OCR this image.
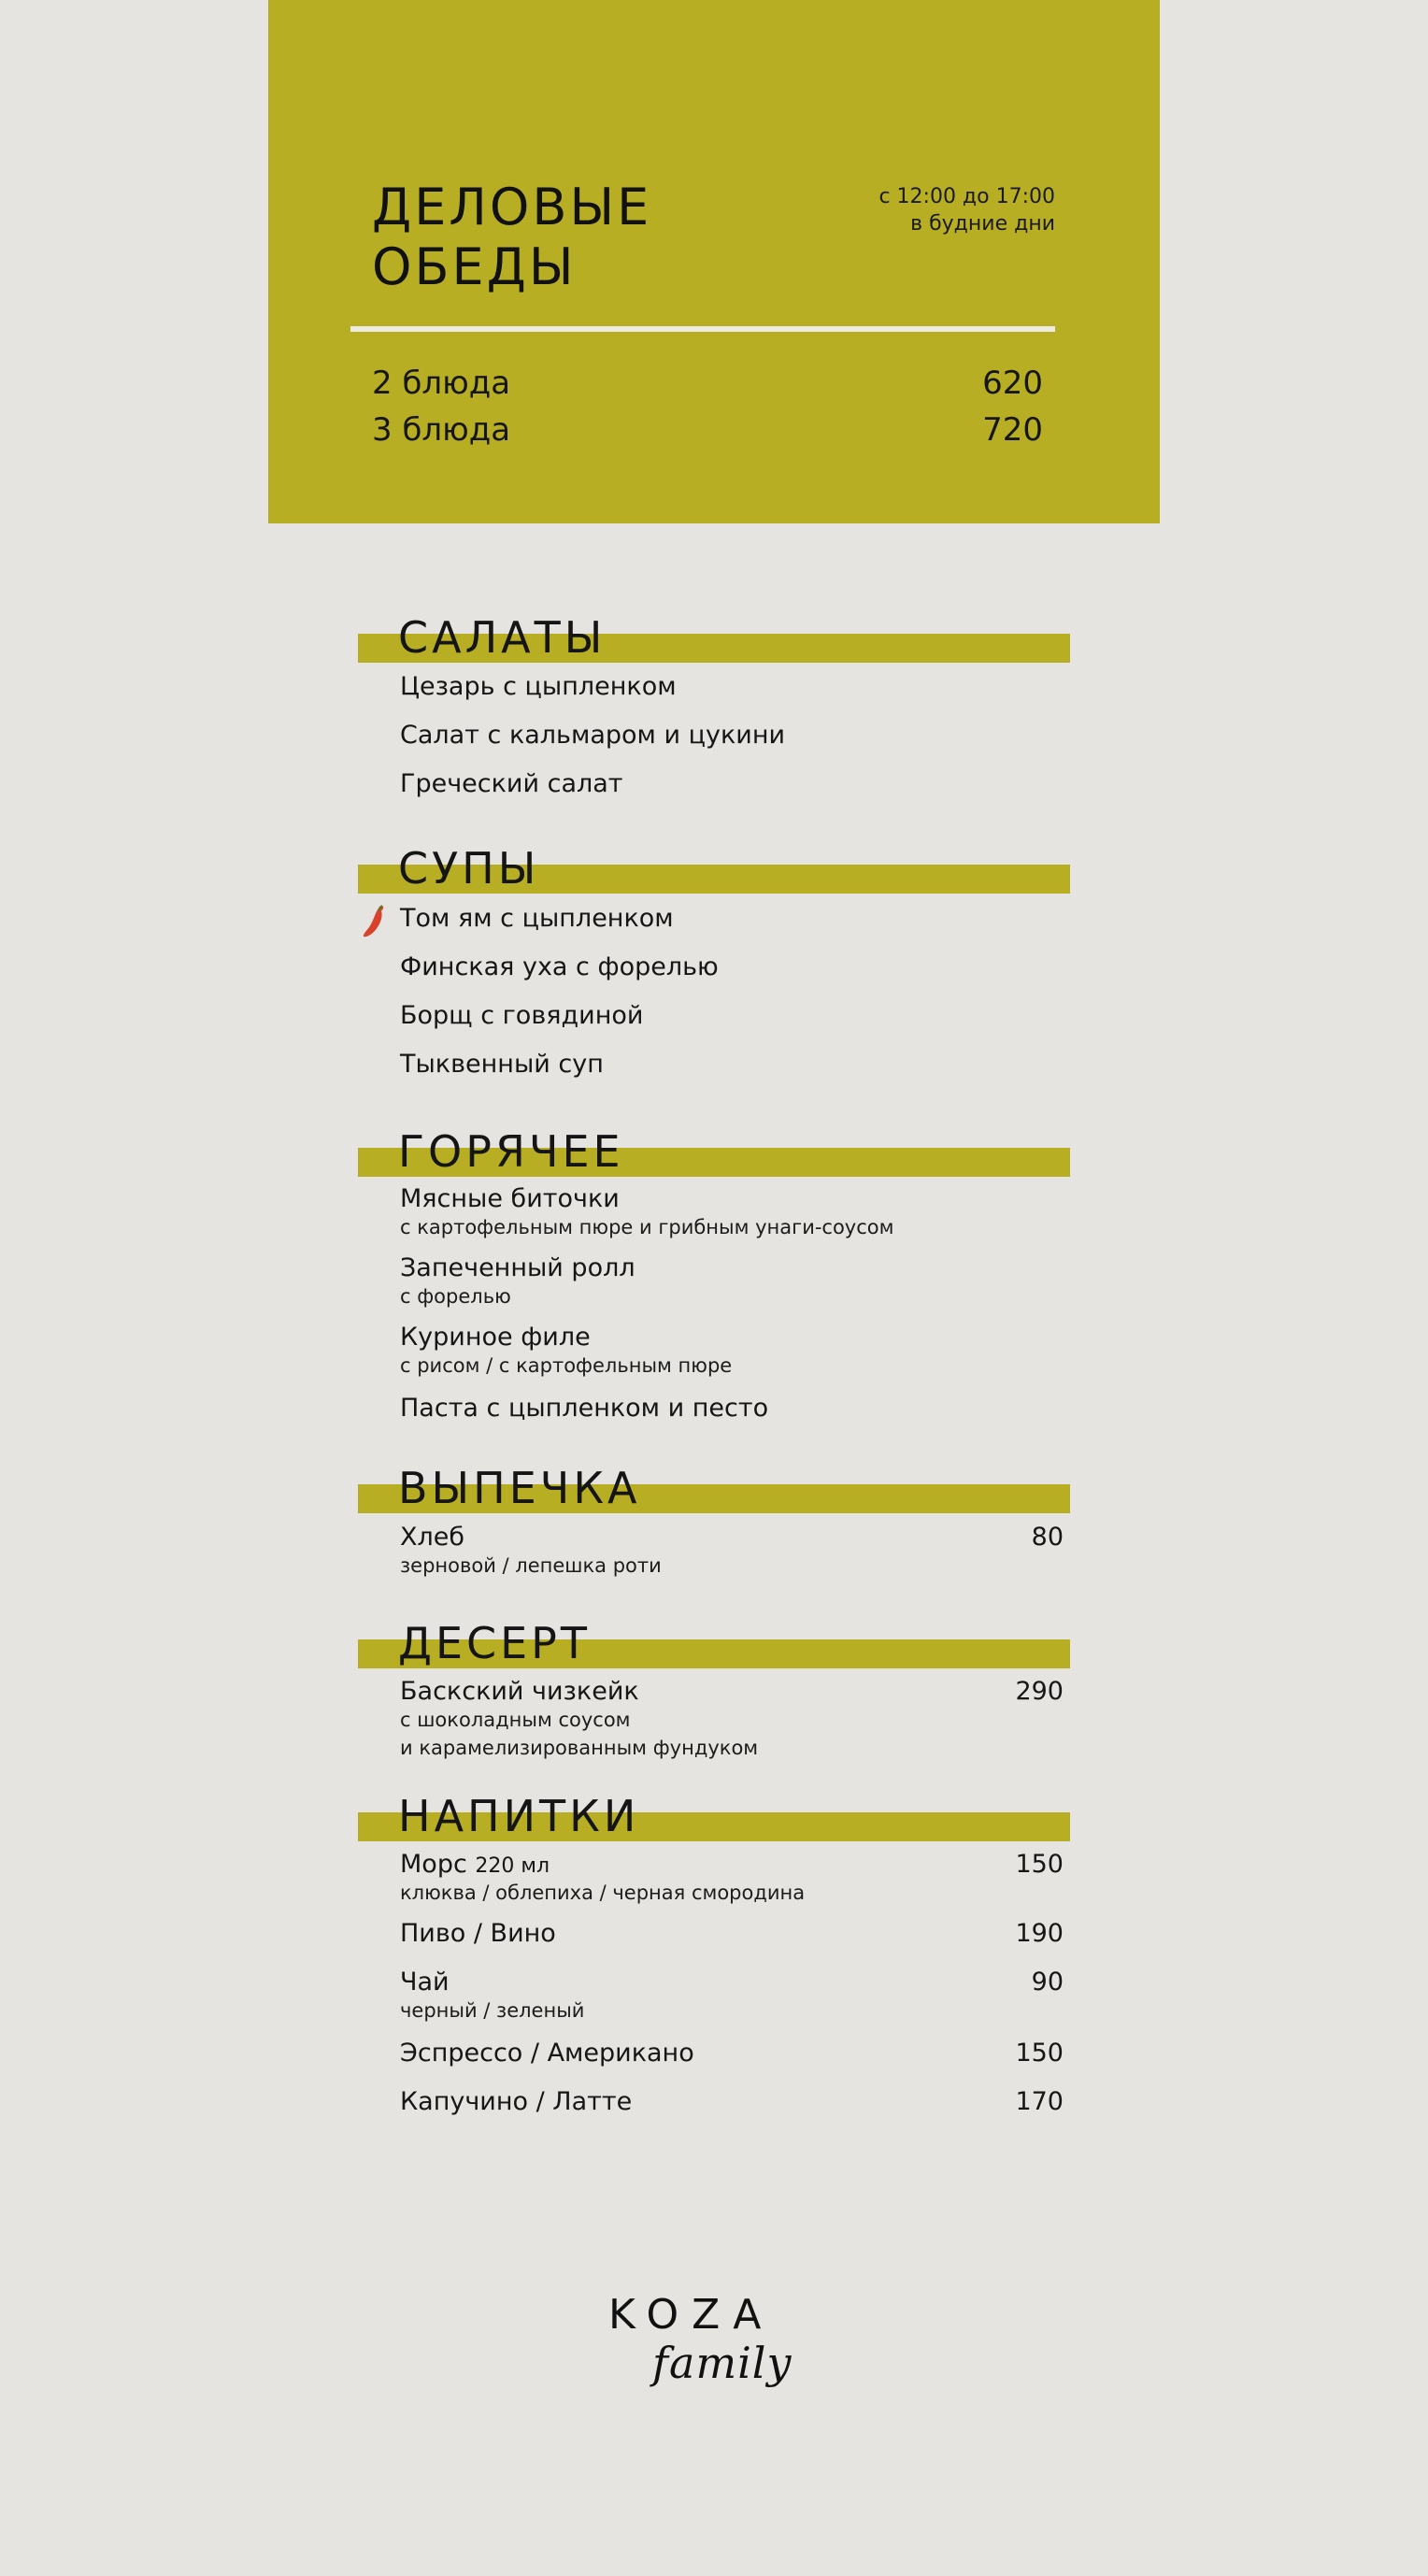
ДЕЛОВЫЕ
ОБЕДЫ
с 12:00 до 17:00
в будние дни
2 блюда	620
3 блюда	720
САЛАТЫ
Цезарь с цыпленком
Салат с кальмаром и цукини
Греческий салат
СУПЫ
Том ям с цыпленком
Финская уха с форелью
Борщ с говядиной
Тыквенный суп
ГОРЯЧЕЕ
Мясные биточки
с картофельным пюре и грибным унаги-соусом
Запеченный ролл
с форелью
Куриное филе
с рисом / с картофельным пюре
Паста с цыпленком и песто
ВЫПЕЧКА
Хлеб	80
зерновой / лепешка роти
ДЕСЕРТ
Баскский чизкейк	290
с шоколадным соусом
и карамелизированным фундуком
НАПИТКИ
Морс 220 мл	150
клюква / облепиха / черная смородина
Пиво / Вино	190
Чай	90
черный / зеленый
Эспрессо / Американо	150
Капучино / Латте	170
KOZA
family
